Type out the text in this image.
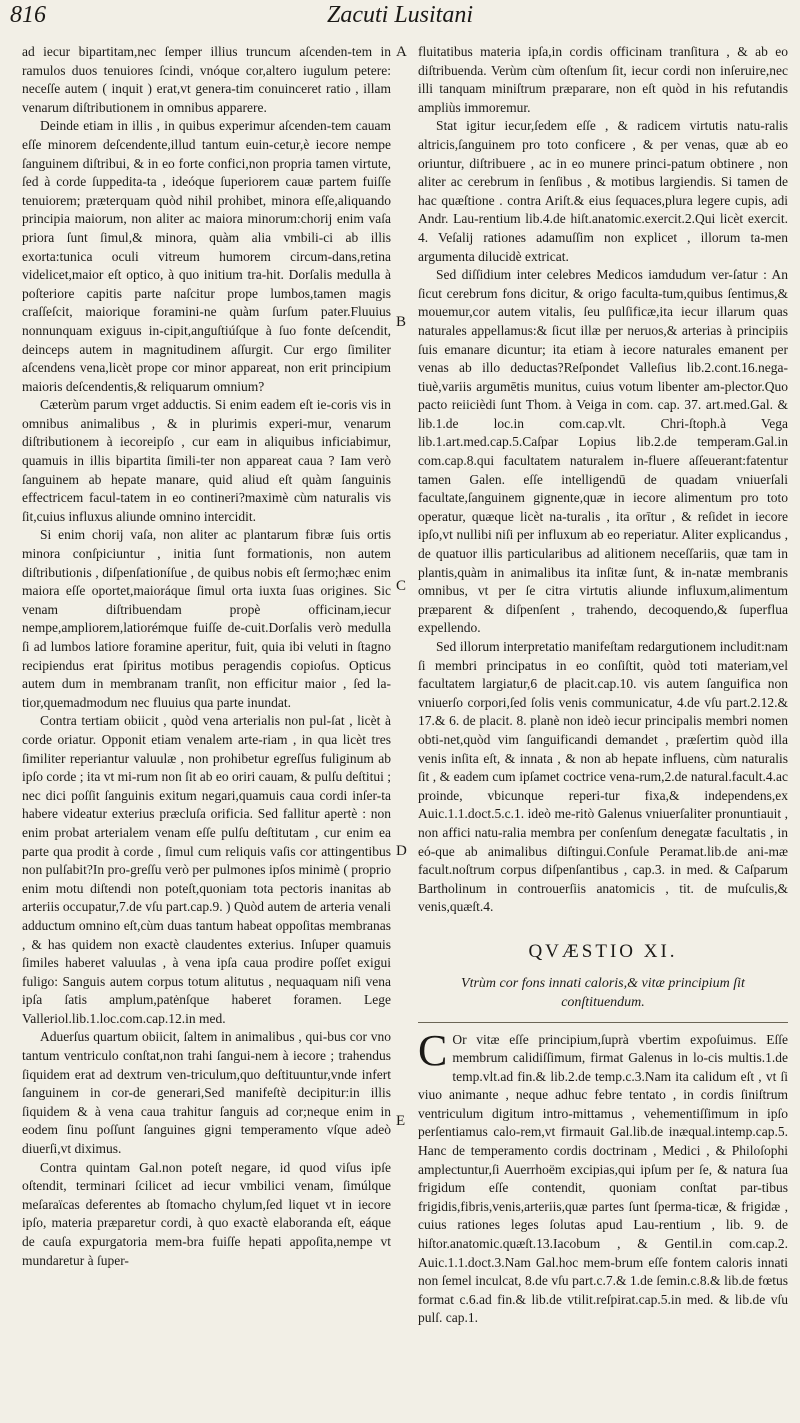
816	Zacuti Lusitani
A
B
C
D
E

ad iecur bipartitam,nec ſemper illius truncum aſcenden-tem in ramulos duos tenuiores ſcindi, vnóque cor,altero iugulum petere: neceſſe autem ( inquit ) erat,vt genera-tim conuinceret ratio , illam venarum diſtributionem in omnibus apparere.

Deinde etiam in illis , in quibus experimur aſcenden-tem cauam eſſe minorem deſcendente,illud tantum euin-cetur,è iecore nempe ſanguinem diſtribui, & in eo forte confici,non propria tamen virtute, ſed à corde ſuppedita-ta , ideóque ſuperiorem cauæ partem fuiſſe tenuiorem; præterquam quòd nihil prohibet, minora eſſe,aliquando principia maiorum, non aliter ac maiora minorum:chorij enim vaſa priora ſunt ſimul,& minora, quàm alia vmbili-ci ab illis exorta:tunica oculi vitreum humorem circum-dans,retina videlicet,maior eſt optico, à quo initium tra-hit. Dorſalis medulla à poſteriore capitis parte naſcitur prope lumbos,tamen magis craſſeſcit, maiorique foramini-ne quàm ſurſum pater.Fluuius nonnunquam exiguus in-cipit,anguſtiúſque à ſuo fonte deſcendit, deinceps autem in magnitudinem aſſurgit. Cur ergo ſimiliter aſcendens vena,licèt prope cor minor appareat, non erit principium maioris deſcendentis,& reliquarum omnium?

Cæterùm parum vrget adductis. Si enim eadem eſt ie-coris vis in omnibus animalibus , & in plurimis experi-mur, venarum diſtributionem à iecoreipſo , cur eam in aliquibus inficiabimur, quamuis in illis bipartita ſimili-ter non appareat caua ? Iam verò ſanguinem ab hepate manare, quid aliud eſt quàm ſanguinis effectricem facul-tatem in eo contineri?maximè cùm naturalis vis ſit,cuius influxus aliunde omnino intercidit.

Si enim chorij vaſa, non aliter ac plantarum fibræ ſuis ortis minora conſpiciuntur , initia ſunt formationis, non autem diſtributionis , diſpenſationíſue , de quibus nobis eſt ſermo;hæc enim maiora eſſe oportet,maioráque ſimul orta iuxta ſuas origines. Sic venam diſtribuendam propè officinam,iecur nempe,ampliorem,latiorémque fuiſſe de-cuit.Dorſalis verò medulla ſi ad lumbos latiore foramine aperitur, fuit, quia ibi veluti in ſtagno recipiendus erat ſpiritus motibus peragendis copioſus. Opticus autem dum in membranam tranſit, non efficitur maior , ſed la-tior,quemadmodum nec fluuius qua parte inundat.

Contra tertiam obiicit , quòd vena arterialis non pul-ſat , licèt à corde oriatur. Opponit etiam venalem arte-riam , in qua licèt tres ſimiliter reperiantur valuulæ , non prohibetur egreſſus fuliginum ab ipſo corde ; ita vt mi-rum non ſit ab eo oriri cauam, & pulſu deſtitui ; nec dici poſſit ſanguinis exitum negari,quamuis caua cordi inſer-ta habere videatur exterius præcluſa orificia. Sed fallitur apertè : non enim probat arterialem venam eſſe pulſu deſtitutam , cur enim ea parte qua prodit à corde , ſimul cum reliquis vaſis cor attingentibus non pulſabit?In pro-greſſu verò per pulmones ipſos minimè ( proprio enim motu diſtendi non poteſt,quoniam tota pectoris inanitas ab arteriis occupatur,7.de vſu part.cap.9. ) Quòd autem de arteria venali adductum omnino eſt,cùm duas tantum habeat oppoſitas membranas , & has quidem non exactè claudentes exterius. Inſuper quamuis ſimiles haberet valuulas , à vena ipſa caua prodire poſſet exigui fuligo: Sanguis autem corpus totum alitutus , nequaquam niſi vena ipſa ſatis amplum,patėnſque haberet foramen. Lege Valleriol.lib.1.loc.com.cap.12.in med.

Aduerſus quartum obiicit, ſaltem in animalibus , qui-bus cor vno tantum ventriculo conſtat,non trahi ſangui-nem à iecore ; trahendus ſiquidem erat ad dextrum ven-triculum,quo deſtituuntur,vnde infert ſanguinem in cor-de generari,Sed manifeſtè decipitur:in illis ſiquidem & à vena caua trahitur ſanguis ad cor;neque enim in eodem ſinu poſſunt ſanguines gigni temperamento vſque adeò diuerſi,vt diximus.

Contra quintam Gal.non poteſt negare, id quod viſus ipſe oſtendit, terminari ſcilicet ad iecur vmbilici venam, ſimúlque meſaraïcas deferentes ab ſtomacho chylum,ſed liquet vt in iecore ipſo, materia præparetur cordi, à quo exactè elaboranda eſt, eáque de cauſa expurgatoria mem-bra fuiſſe hepati appoſita,nempe vt mundaretur à ſuper-

fluitatibus materia ipſa,in cordis officinam tranſitura , & ab eo diſtribuenda. Verùm cùm oſtenſum ſit, iecur cordi non inſeruire,nec illi tanquam miniſtrum præparare, non eſt quòd in his refutandis ampliùs immoremur.

Stat igitur iecur,ſedem eſſe , & radicem virtutis natu-ralis altricis,ſanguinem pro toto conficere , & per venas, quæ ab eo oriuntur, diſtribuere , ac in eo munere princi-patum obtinere , non aliter ac cerebrum in ſenſibus , & motibus largiendis. Si tamen de hac quæſtione . contra Ariſt.& eius ſequaces,plura legere cupis, adi Andr. Lau-rentium lib.4.de hiſt.anatomic.exercit.2.Qui licèt exercit. 4. Veſalij rationes adamuſſim non explicet , illorum ta-men argumenta dilucidè extricat.

Sed diſſidium inter celebres Medicos iamdudum ver-ſatur : An ſicut cerebrum fons dicitur, & origo faculta-tum,quibus ſentimus,& mouemur,cor autem vitalis, ſeu pulſificæ,ita iecur illarum quas naturales appellamus:& ſicut illæ per neruos,& arterias à principiis ſuis emanare dicuntur; ita etiam à iecore naturales emanent per venas ab illo deductas?Reſpondet Valleſius lib.2.cont.16.nega-tiuè,variis argumētis munitus, cuius votum libenter am-plector.Quo pacto reiicièdi ſunt Thom. à Veiga in com. cap. 37. art.med.Gal. & lib.1.de loc.in com.cap.vlt. Chri-ſtoph.à Vega lib.1.art.med.cap.5.Caſpar Lopius lib.2.de temperam.Gal.in com.cap.8.qui facultatem naturalem in-fluere aſſeuerant:fatentur tamen Galen. eſſe intelligendū de quadam vniuerſali facultate,ſanguinem gignente,quæ in iecore alimentum pro toto operatur, quæque licèt na-turalis , ita orītur , & reſidet in iecore ipſo,vt nullibi niſi per influxum ab eo reperiatur. Aliter explicandus , de quatuor illis particularibus ad alitionem neceſſariis, quæ tam in plantis,quàm in animalibus ita inſitæ ſunt, & in-natæ membranis omnibus, vt per ſe citra virtutis aliunde influxum,alimentum præparent & diſpenſent , trahendo, decoquendo,& ſuperflua expellendo.

Sed illorum interpretatio manifeſtam redargutionem includit:nam ſi membri principatus in eo conſiſtit, quòd toti materiam,vel facultatem largiatur,6 de placit.cap.10. vis autem ſanguifica non vniuerſo corpori,ſed ſolis venis communicatur, 4.de vſu part.2.12.& 17.& 6. de placit. 8. planè non ideò iecur principalis membri nomen obti-net,quòd vim ſanguificandi demandet , præſertim quòd illa venis inſita eſt, & innata , & non ab hepate influens, cùm naturalis ſit , & eadem cum ipſamet coctrice vena-rum,2.de natural.facult.4.ac proinde, vbicunque reperi-tur fixa,& independens,ex Auic.1.1.doct.5.c.1. ideò me-ritò Galenus vniuerſaliter pronuntiauit , non affici natu-ralia membra per conſenſum denegatæ facultatis , in eó-que ab animalibus diſtingui.Conſule Peramat.lib.de ani-mæ facult.noſtrum corpus diſpenſantibus , cap.3. in med. & Caſparum Bartholinum in controuerſiis anatomicis , tit. de muſculis,& venis,quæſt.4.

QVÆSTIO XI.
Vtrùm cor fons innati caloris,& vitæ principium ſit conſtituendum.

C Or vitæ eſſe principium,ſuprà vbertim expoſuimus. Eſſe membrum calidiſſimum, firmat Galenus in lo-cis multis.1.de temp.vlt.ad fin.& lib.2.de temp.c.3.Nam ita calidum eſt , vt ſi viuo animante , neque adhuc febre tentato , in cordis ſiniſtrum ventriculum digitum intro-mittamus , vehementiſſimum in ipſo perſentiamus calo-rem,vt firmauit Gal.lib.de inæqual.intemp.cap.5. Hanc de temperamento cordis doctrinam , Medici , & Philoſophi amplectuntur,ſi Auerrhoëm excipias,qui ipſum per ſe, & natura ſua frigidum eſſe contendit, quoniam conſtat par-tibus frigidis,fibris,venis,arteriis,quæ partes ſunt ſperma-ticæ, & frigidæ , cuius rationes leges ſolutas apud Lau-rentium , lib. 9. de hiſtor.anatomic.quæſt.13.Iacobum , & Gentil.in com.cap.2. Auic.1.1.doct.3.Nam Gal.hoc mem-brum eſſe fontem caloris innati non ſemel inculcat, 8.de vſu part.c.7.& 1.de ſemin.c.8.& lib.de fœtus format c.6.ad fin.& lib.de vtilit.reſpirat.cap.5.in med. & lib.de vſu pulſ. cap.1.
